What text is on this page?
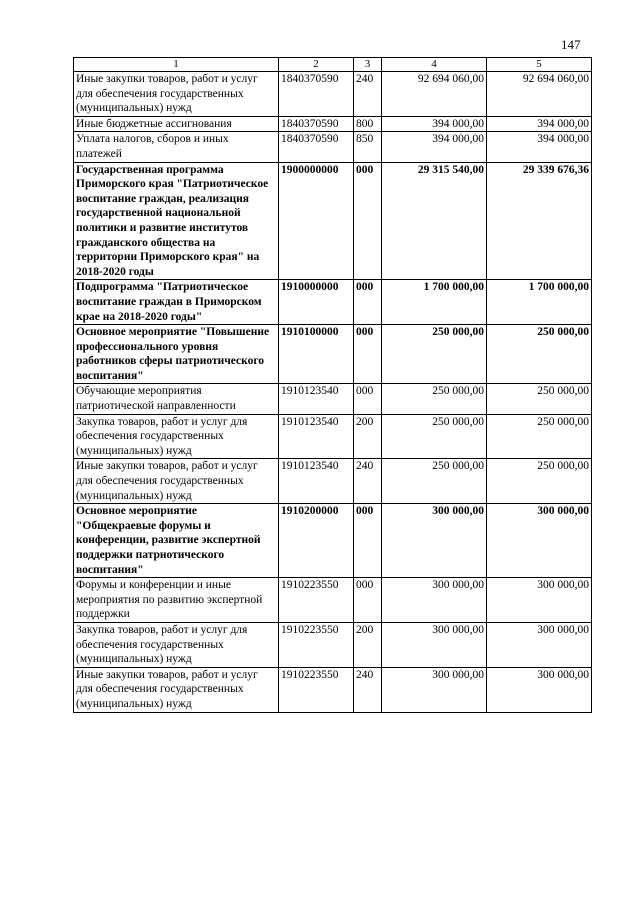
147
1	2	3	4	5
Иные закупки товаров, работ и услуг для обеспечения государственных (муниципальных) нужд	1840370590	240	92 694 060,00	92 694 060,00
Иные бюджетные ассигнования	1840370590	800	394 000,00	394 000,00
Уплата налогов, сборов и иных платежей	1840370590	850	394 000,00	394 000,00
Государственная программа Приморского края "Патриотическое воспитание граждан, реализация государственной национальной политики и развитие институтов гражданского общества на территории Приморского края" на 2018-2020 годы	1900000000	000	29 315 540,00	29 339 676,36
Подпрограмма "Патриотическое воспитание граждан в Приморском крае на 2018-2020 годы"	1910000000	000	1 700 000,00	1 700 000,00
Основное мероприятие "Повышение профессионального уровня работников сферы патриотического воспитания"	1910100000	000	250 000,00	250 000,00
Обучающие мероприятия патриотической направленности	1910123540	000	250 000,00	250 000,00
Закупка товаров, работ и услуг для обеспечения государственных (муниципальных) нужд	1910123540	200	250 000,00	250 000,00
Иные закупки товаров, работ и услуг для обеспечения государственных (муниципальных) нужд	1910123540	240	250 000,00	250 000,00
Основное мероприятие "Общекраевые форумы и конференции, развитие экспертной поддержки патриотического воспитания"	1910200000	000	300 000,00	300 000,00
Форумы и конференции и иные мероприятия по развитию экспертной поддержки	1910223550	000	300 000,00	300 000,00
Закупка товаров, работ и услуг для обеспечения государственных (муниципальных) нужд	1910223550	200	300 000,00	300 000,00
Иные закупки товаров, работ и услуг для обеспечения государственных (муниципальных) нужд	1910223550	240	300 000,00	300 000,00
